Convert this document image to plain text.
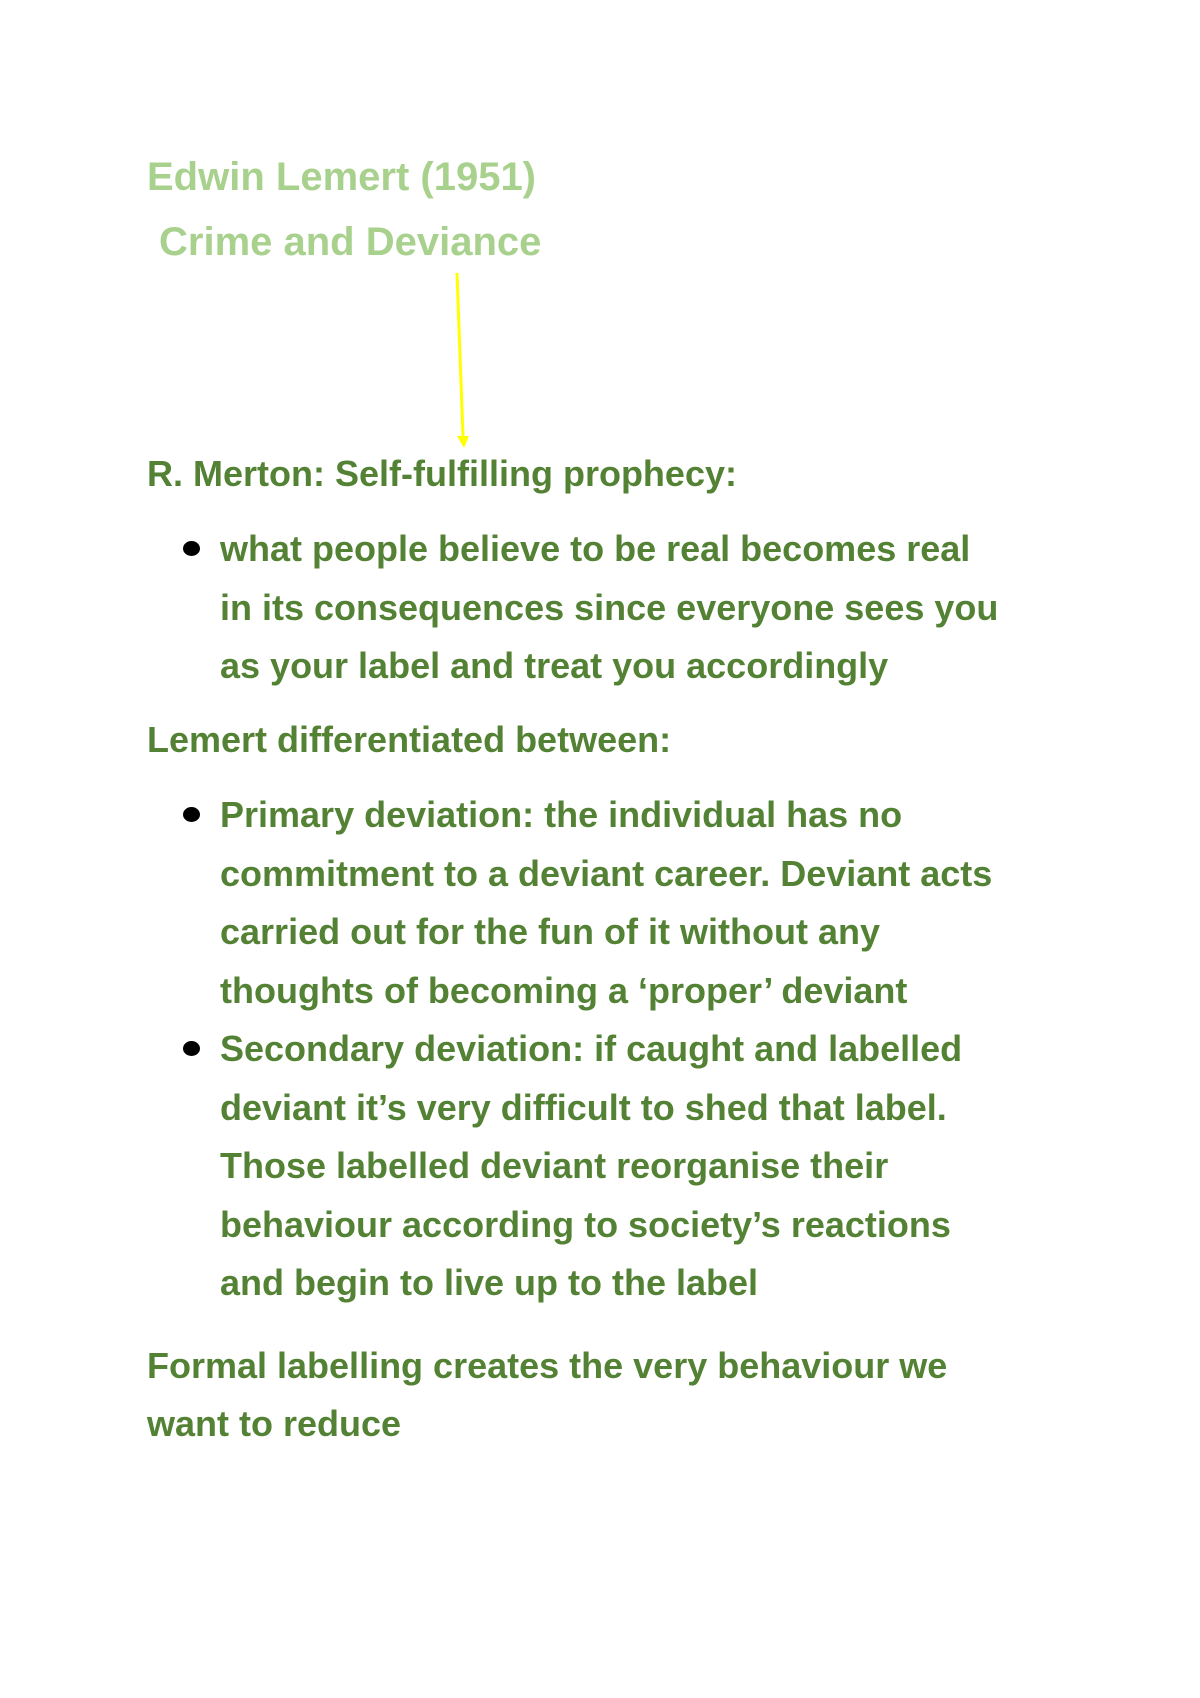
Edwin Lemert (1951)
Crime and Deviance
R. Merton: Self-fulfilling prophecy:
what people believe to be real becomes real
in its consequences since everyone sees you
as your label and treat you accordingly
Lemert differentiated between:
Primary deviation: the individual has no
commitment to a deviant career. Deviant acts
carried out for the fun of it without any
thoughts of becoming a ‘proper’ deviant
Secondary deviation: if caught and labelled
deviant it’s very difficult to shed that label.
Those labelled deviant reorganise their
behaviour according to society’s reactions
and begin to live up to the label
Formal labelling creates the very behaviour we
want to reduce
